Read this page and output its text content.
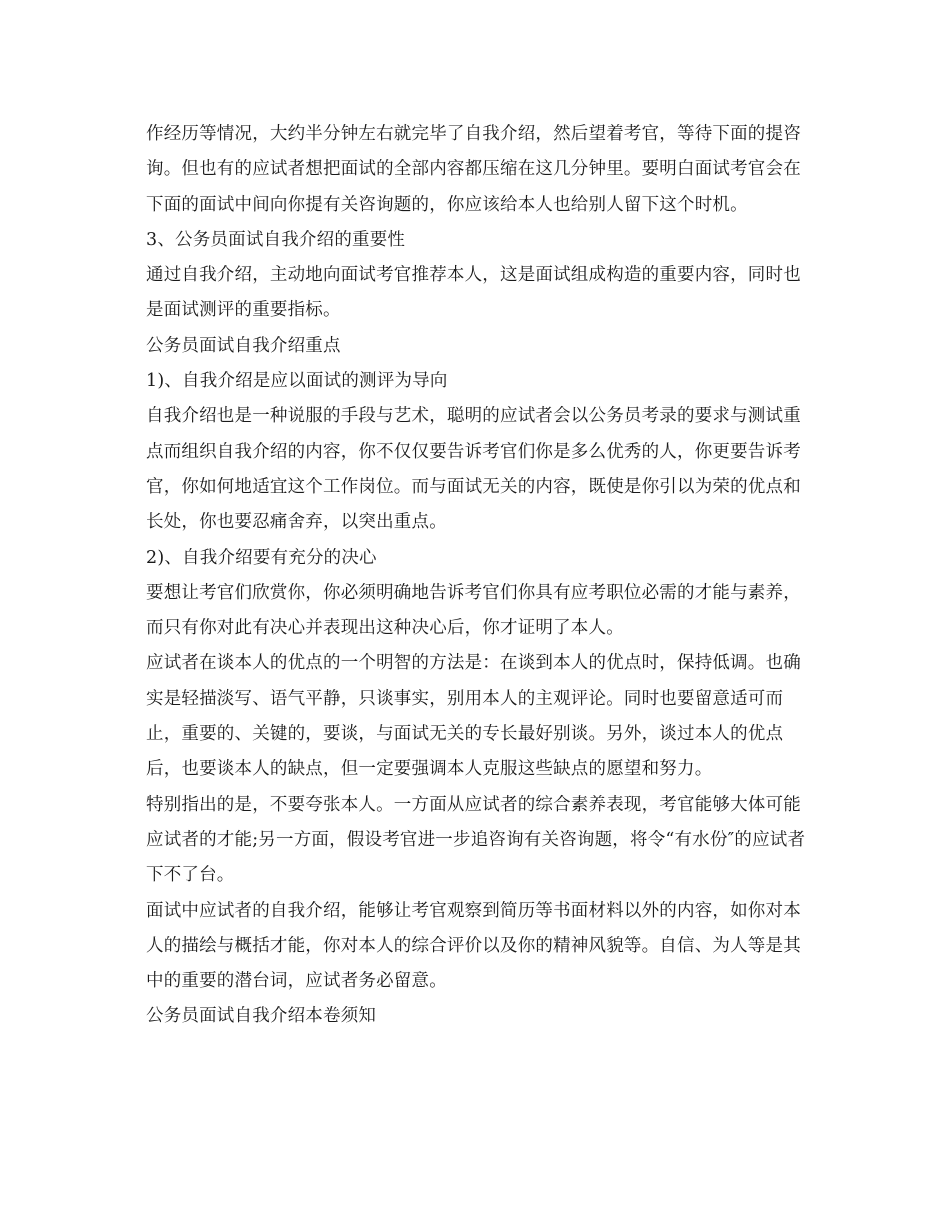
作经历等情况，大约半分钟左右就完毕了自我介绍，然后望着考官，等待下面的提咨询。但也有的应试者想把面试的全部内容都压缩在这几分钟里。要明白面试考官会在下面的面试中间向你提有关咨询题的，你应该给本人也给别人留下这个时机。

3、公务员面试自我介绍的重要性

通过自我介绍，主动地向面试考官推荐本人，这是面试组成构造的重要内容，同时也是面试测评的重要指标。

公务员面试自我介绍重点

1)、自我介绍是应以面试的测评为导向

自我介绍也是一种说服的手段与艺术，聪明的应试者会以公务员考录的要求与测试重点而组织自我介绍的内容，你不仅仅要告诉考官们你是多么优秀的人，你更要告诉考官，你如何地适宜这个工作岗位。而与面试无关的内容，既使是你引以为荣的优点和长处，你也要忍痛舍弃，以突出重点。

2)、自我介绍要有充分的决心

要想让考官们欣赏你，你必须明确地告诉考官们你具有应考职位必需的才能与素养，而只有你对此有决心并表现出这种决心后，你才证明了本人。

应试者在谈本人的优点的一个明智的方法是：在谈到本人的优点时，保持低调。也确实是轻描淡写、语气平静，只谈事实，别用本人的主观评论。同时也要留意适可而止，重要的、关键的，要谈，与面试无关的专长最好别谈。另外，谈过本人的优点后，也要谈本人的缺点，但一定要强调本人克服这些缺点的愿望和努力。

特别指出的是，不要夸张本人。一方面从应试者的综合素养表现，考官能够大体可能应试者的才能;另一方面，假设考官进一步追咨询有关咨询题，将令“有水份″的应试者下不了台。

面试中应试者的自我介绍，能够让考官观察到简历等书面材料以外的内容，如你对本人的描绘与概括才能，你对本人的综合评价以及你的精神风貌等。自信、为人等是其中的重要的潜台词，应试者务必留意。

公务员面试自我介绍本卷须知
